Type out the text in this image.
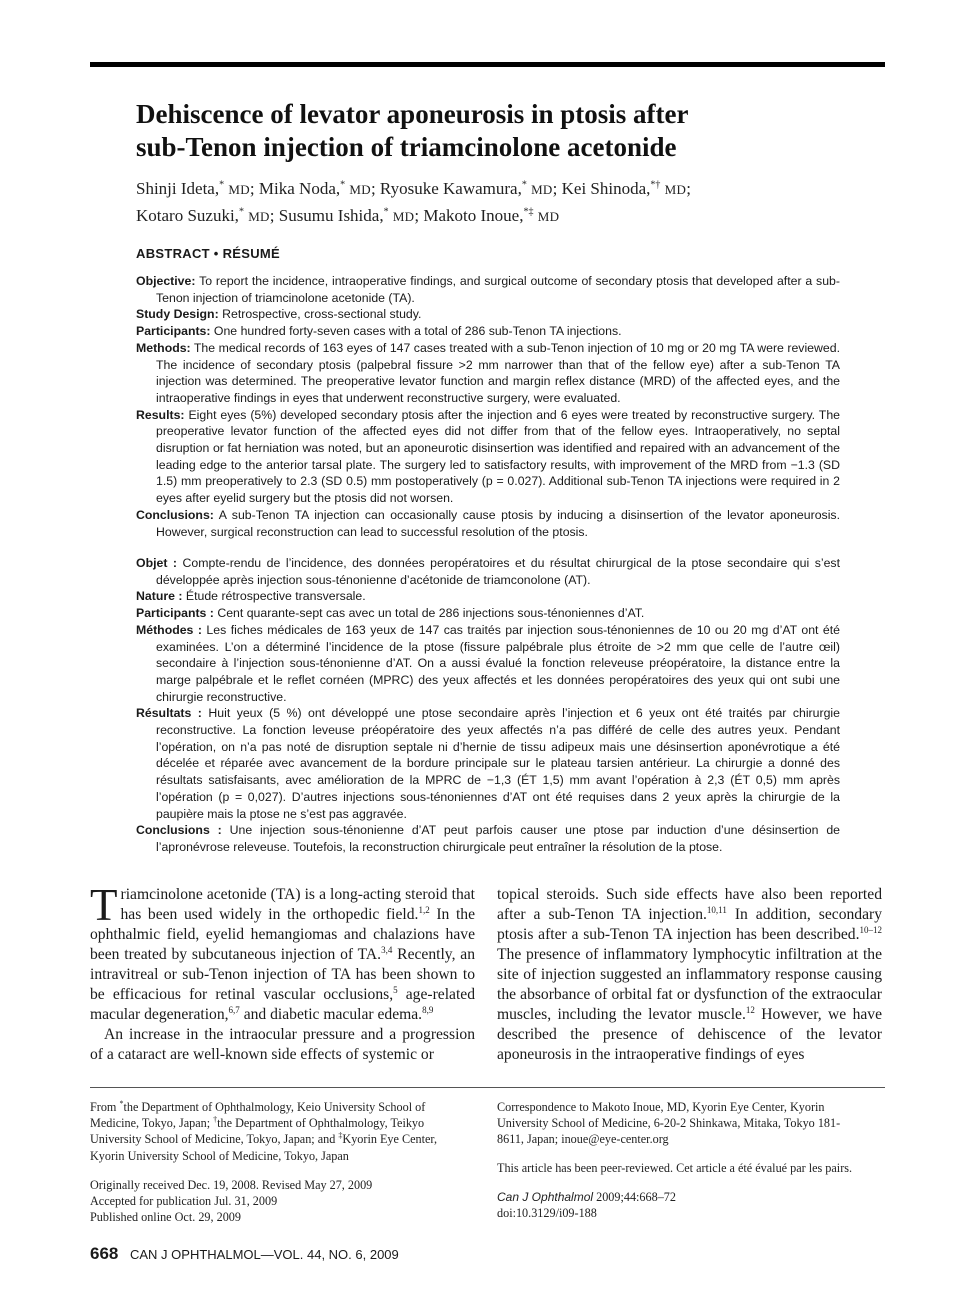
Dehiscence of levator aponeurosis in ptosis after
sub-Tenon injection of triamcinolone acetonide
Shinji Ideta,* MD; Mika Noda,* MD; Ryosuke Kawamura,* MD; Kei Shinoda,*† MD;
Kotaro Suzuki,* MD; Susumu Ishida,* MD; Makoto Inoue,*‡ MD
ABSTRACT • RÉSUMÉ

Objective: To report the incidence, intraoperative findings, and surgical outcome of secondary ptosis that developed after a sub-Tenon injection of triamcinolone acetonide (TA).

Study Design: Retrospective, cross-sectional study.

Participants: One hundred forty-seven cases with a total of 286 sub-Tenon TA injections.

Methods: The medical records of 163 eyes of 147 cases treated with a sub-Tenon injection of 10 mg or 20 mg TA were reviewed. The incidence of secondary ptosis (palpebral fissure >2 mm narrower than that of the fellow eye) after a sub-Tenon TA injection was determined. The preoperative levator function and margin reflex distance (MRD) of the affected eyes, and the intraoperative findings in eyes that underwent reconstructive surgery, were evaluated.

Results: Eight eyes (5%) developed secondary ptosis after the injection and 6 eyes were treated by reconstructive surgery. The preoperative levator function of the affected eyes did not differ from that of the fellow eyes. Intraoperatively, no septal disruption or fat herniation was noted, but an aponeurotic disinsertion was identified and repaired with an advancement of the leading edge to the anterior tarsal plate. The surgery led to satisfactory results, with improvement of the MRD from −1.3 (SD 1.5) mm preoperatively to 2.3 (SD 0.5) mm postoperatively (p = 0.027). Additional sub-Tenon TA injections were required in 2 eyes after eyelid surgery but the ptosis did not worsen.

Conclusions: A sub-Tenon TA injection can occasionally cause ptosis by inducing a disinsertion of the levator aponeurosis. However, surgical reconstruction can lead to successful resolution of the ptosis.

Objet : Compte-rendu de l’incidence, des données peropératoires et du résultat chirurgical de la ptose secondaire qui s’est développée après injection sous-ténonienne d’acétonide de triamconolone (AT).

Nature : Étude rétrospective transversale.

Participants : Cent quarante-sept cas avec un total de 286 injections sous-ténoniennes d’AT.

Méthodes : Les fiches médicales de 163 yeux de 147 cas traités par injection sous-ténoniennes de 10 ou 20 mg d’AT ont été examinées. L’on a déterminé l’incidence de la ptose (fissure palpébrale plus étroite de >2 mm que celle de l’autre œil) secondaire à l’injection sous-ténonienne d’AT. On a aussi évalué la fonction releveuse préopératoire, la distance entre la marge palpébrale et le reflet cornéen (MPRC) des yeux affectés et les données peropératoires des yeux qui ont subi une chirurgie reconstructive.

Résultats : Huit yeux (5 %) ont développé une ptose secondaire après l’injection et 6 yeux ont été traités par chirurgie reconstructive. La fonction leveuse préopératoire des yeux affectés n’a pas différé de celle des autres yeux. Pendant l’opération, on n’a pas noté de disruption septale ni d’hernie de tissu adipeux mais une désinsertion aponévrotique a été décelée et réparée avec avancement de la bordure principale sur le plateau tarsien antérieur. La chirurgie a donné des résultats satisfaisants, avec amélioration de la MPRC de −1,3 (ÉT 1,5) mm avant l’opération à 2,3 (ÉT 0,5) mm après l’opération (p = 0,027). D’autres injections sous-ténoniennes d’AT ont été requises dans 2 yeux après la chirurgie de la paupière mais la ptose ne s’est pas aggravée.

Conclusions : Une injection sous-ténonienne d’AT peut parfois causer une ptose par induction d’une désinsertion de l’apronévrose releveuse. Toutefois, la reconstruction chirurgicale peut entraîner la résolution de la ptose.

Triamcinolone acetonide (TA) is a long-acting steroid that has been used widely in the orthopedic field.$^{1,2}$ In the ophthalmic field, eyelid hemangiomas and chalazions have been treated by subcutaneous injection of TA.$^{3,4}$ Recently, an intravitreal or sub-Tenon injection of TA has been shown to be efficacious for retinal vascular occlusions,$^5$ age-related macular degeneration,$^{6,7}$ and diabetic macular edema.$^{8,9}$

An increase in the intraocular pressure and a progression of a cataract are well-known side effects of systemic or

topical steroids. Such side effects have also been reported after a sub-Tenon TA injection.$^{10,11}$ In addition, secondary ptosis after a sub-Tenon TA injection has been described.$^{10-12}$ The presence of inflammatory lymphocytic infiltration at the site of injection suggested an inflammatory response causing the absorbance of orbital fat or dysfunction of the extraocular muscles, including the levator muscle.$^{12}$ However, we have described the presence of dehiscence of the levator aponeurosis in the intraoperative findings of eyes

From *the Department of Ophthalmology, Keio University School of Medicine, Tokyo, Japan; †the Department of Ophthalmology, Teikyo University School of Medicine, Tokyo, Japan; and ‡Kyorin Eye Center, Kyorin University School of Medicine, Tokyo, Japan

Originally received Dec. 19, 2008. Revised May 27, 2009

Accepted for publication Jul. 31, 2009

Published online Oct. 29, 2009

Correspondence to Makoto Inoue, MD, Kyorin Eye Center, Kyorin University School of Medicine, 6-20-2 Shinkawa, Mitaka, Tokyo 181-8611, Japan; inoue@eye-center.org

This article has been peer-reviewed. Cet article a été évalué par les pairs.

Can J Ophthalmol 2009;44:668–72

doi:10.3129/i09-188

668 CAN J OPHTHALMOL—VOL. 44, NO. 6, 2009
